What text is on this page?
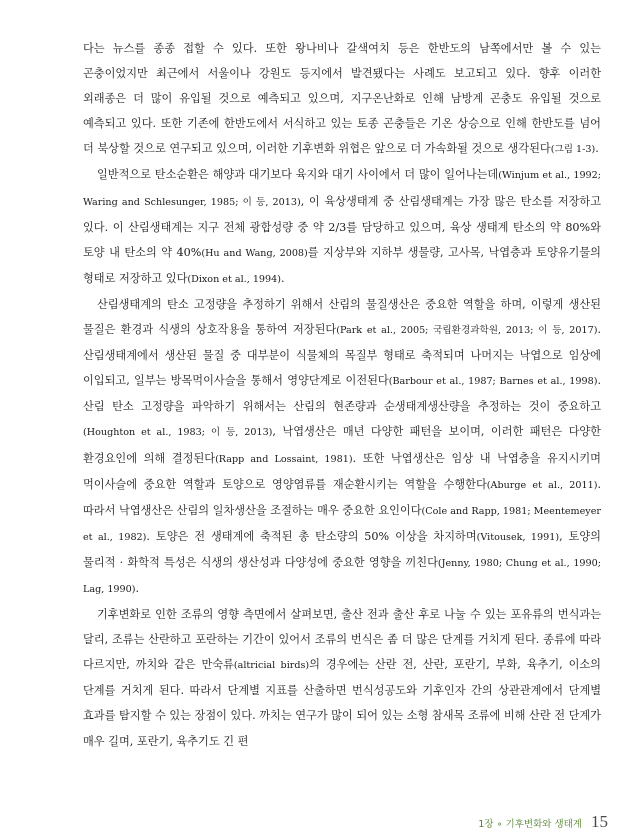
다는 뉴스를 종종 접할 수 있다. 또한 왕나비나 갈색여치 등은 한반도의 남쪽에서만 볼 수 있는 곤충이었지만 최근에서 서울이나 강원도 등지에서 발견됐다는 사례도 보고되고 있다. 향후 이러한 외래종은 더 많이 유입될 것으로 예측되고 있으며, 지구온난화로 인해 남방계 곤충도 유입될 것으로 예측되고 있다. 또한 기존에 한반도에서 서식하고 있는 토종 곤충들은 기온 상승으로 인해 한반도를 넘어 더 북상할 것으로 연구되고 있으며, 이러한 기후변화 위협은 앞으로 더 가속화될 것으로 생각된다(그림 1-3).

일반적으로 탄소순환은 해양과 대기보다 육지와 대기 사이에서 더 많이 일어나는데(Winjum et al., 1992; Waring and Schlesunger, 1985; 이 등, 2013), 이 육상생태계 중 산림생태계는 가장 많은 탄소를 저장하고 있다. 이 산림생태계는 지구 전체 광합성량 중 약 2/3를 담당하고 있으며, 육상 생태계 탄소의 약 80%와 토양 내 탄소의 약 40%(Hu and Wang, 2008)를 지상부와 지하부 생물량, 고사목, 낙엽층과 토양유기물의 형태로 저장하고 있다(Dixon et al., 1994).

산림생태계의 탄소 고정량을 추정하기 위해서 산림의 물질생산은 중요한 역할을 하며, 이렇게 생산된 물질은 환경과 식생의 상호작용을 통하여 저장된다(Park et al., 2005; 국립환경과학원, 2013; 이 등, 2017). 산림생태계에서 생산된 물질 중 대부분이 식물체의 목질부 형태로 축적되며 나머지는 낙엽으로 임상에 이입되고, 일부는 방목먹이사슬을 통해서 영양단계로 이전된다(Barbour et al., 1987; Barnes et al., 1998). 산림 탄소 고정량을 파악하기 위해서는 산림의 현존량과 순생태계생산량을 추정하는 것이 중요하고(Houghton et al., 1983; 이 등, 2013), 낙엽생산은 매년 다양한 패턴을 보이며, 이러한 패턴은 다양한 환경요인에 의해 결정된다(Rapp and Lossaint, 1981). 또한 낙엽생산은 임상 내 낙엽층을 유지시키며 먹이사슬에 중요한 역할과 토양으로 영양염류를 재순환시키는 역할을 수행한다(Aburge et al., 2011). 따라서 낙엽생산은 산림의 일차생산을 조절하는 매우 중요한 요인이다(Cole and Rapp, 1981; Meentemeyer et al., 1982). 토양은 전 생태계에 축적된 총 탄소량의 50% 이상을 차지하며(Vitousek, 1991), 토양의 물리적 · 화학적 특성은 식생의 생산성과 다양성에 중요한 영향을 끼친다(Jenny, 1980; Chung et al., 1990; Lag, 1990).

기후변화로 인한 조류의 영향 측면에서 살펴보면, 출산 전과 출산 후로 나눌 수 있는 포유류의 번식과는 달리, 조류는 산란하고 포란하는 기간이 있어서 조류의 번식은 좀 더 많은 단계를 거치게 된다. 종류에 따라 다르지만, 까치와 같은 만숙류(altricial birds)의 경우에는 산란 전, 산란, 포란기, 부화, 육추기, 이소의 단계를 거치게 된다. 따라서 단계별 지표를 산출하면 번식성공도와 기후인자 간의 상관관계에서 단계별 효과를 탐지할 수 있는 장점이 있다. 까치는 연구가 많이 되어 있는 소형 참새목 조류에 비해 산란 전 단계가 매우 길며, 포란기, 육추기도 긴 편

1장 ∘ 기후변화와 생태계 15
